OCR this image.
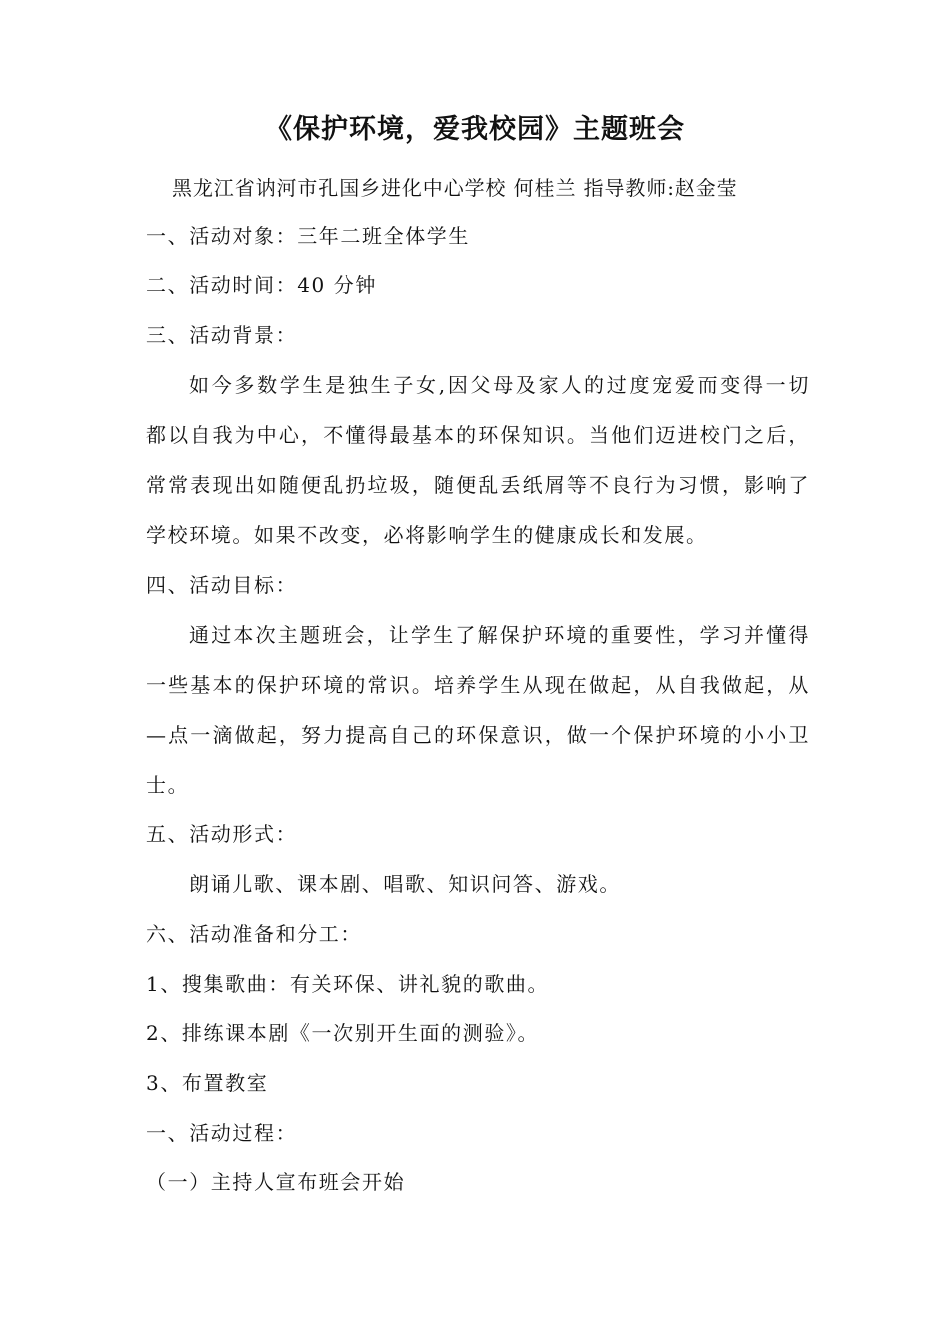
《保护环境，爱我校园》主题班会
黑龙江省讷河市孔国乡进化中心学校 何桂兰 指导教师:赵金莹
一、活动对象：三年二班全体学生
二、活动时间：40 分钟
三、活动背景：
如今多数学生是独生子女,因父母及家人的过度宠爱而变得一切
都以自我为中心，不懂得最基本的环保知识。当他们迈进校门之后，
常常表现出如随便乱扔垃圾，随便乱丢纸屑等不良行为习惯，影响了
学校环境。如果不改变，必将影响学生的健康成长和发展。
四、活动目标：
通过本次主题班会，让学生了解保护环境的重要性，学习并懂得
一些基本的保护环境的常识。培养学生从现在做起，从自我做起，从
—点一滴做起，努力提高自己的环保意识，做一个保护环境的小小卫
士。
五、活动形式：
朗诵儿歌、课本剧、唱歌、知识问答、游戏。
六、活动准备和分工：
1、搜集歌曲：有关环保、讲礼貌的歌曲。
2、排练课本剧《一次别开生面的测验》。
3、布置教室
一、活动过程：
（一）主持人宣布班会开始
